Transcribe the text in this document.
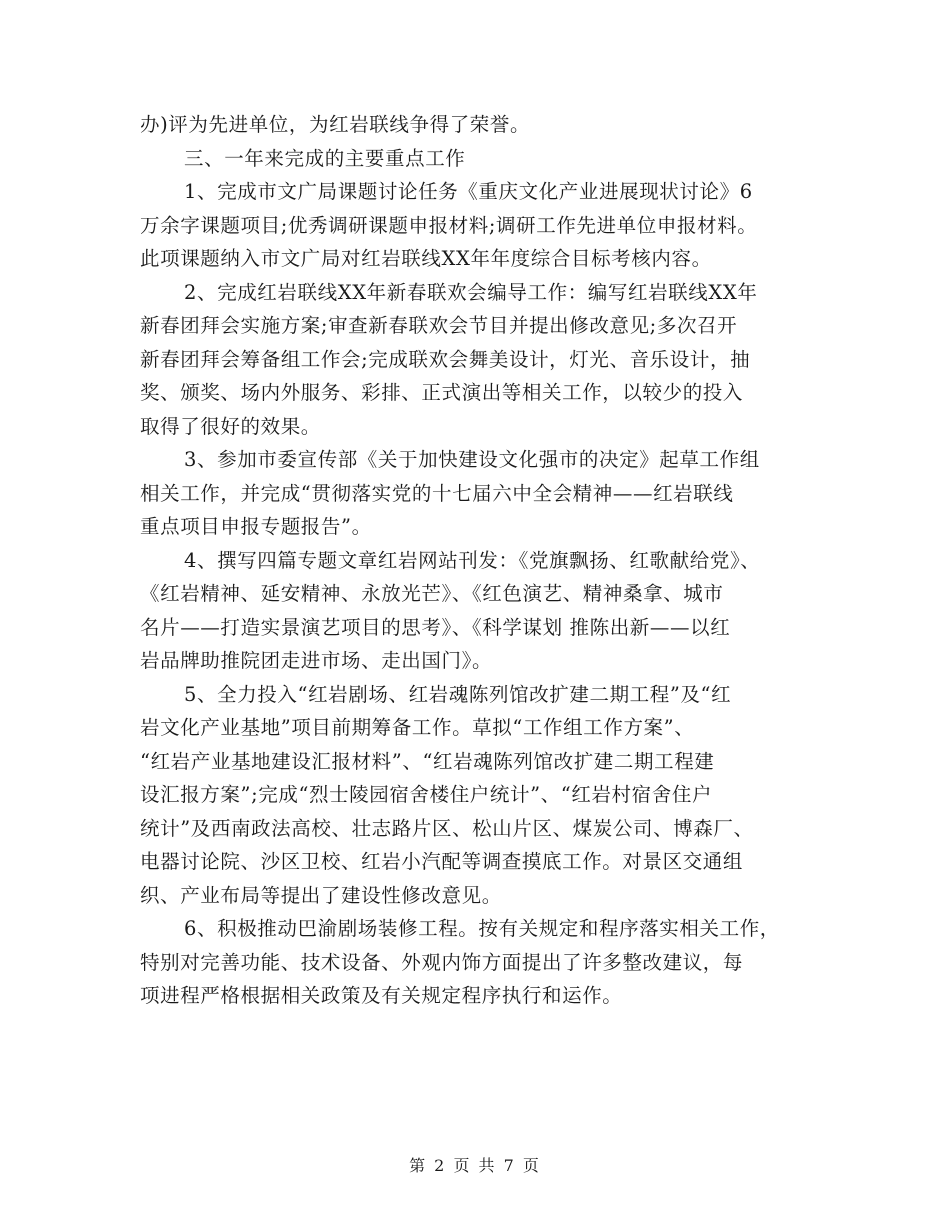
办)评为先进单位，为红岩联线争得了荣誉。
三、一年来完成的主要重点工作
1、完成市文广局课题讨论任务《重庆文化产业进展现状讨论》6
万余字课题项目;优秀调研课题申报材料;调研工作先进单位申报材料。
此项课题纳入市文广局对红岩联线XX年年度综合目标考核内容。
2、完成红岩联线XX年新春联欢会编导工作：编写红岩联线XX年
新春团拜会实施方案;审查新春联欢会节目并提出修改意见;多次召开
新春团拜会筹备组工作会;完成联欢会舞美设计，灯光、音乐设计，抽
奖、颁奖、场内外服务、彩排、正式演出等相关工作，以较少的投入
取得了很好的效果。
3、参加市委宣传部《关于加快建设文化强市的决定》起草工作组
相关工作，并完成“贯彻落实党的十七届六中全会精神——红岩联线
重点项目申报专题报告”。
4、撰写四篇专题文章红岩网站刊发：《党旗飘扬、红歌献给党》、
《红岩精神、延安精神、永放光芒》、《红色演艺、精神桑拿、城市
名片——打造实景演艺项目的思考》、《科学谋划 推陈出新——以红
岩品牌助推院团走进市场、走出国门》。
5、全力投入“红岩剧场、红岩魂陈列馆改扩建二期工程”及“红
岩文化产业基地”项目前期筹备工作。草拟“工作组工作方案”、
“红岩产业基地建设汇报材料”、“红岩魂陈列馆改扩建二期工程建
设汇报方案”;完成“烈士陵园宿舍楼住户统计”、“红岩村宿舍住户
统计”及西南政法高校、壮志路片区、松山片区、煤炭公司、博森厂、
电器讨论院、沙区卫校、红岩小汽配等调查摸底工作。对景区交通组
织、产业布局等提出了建设性修改意见。
6、积极推动巴渝剧场装修工程。按有关规定和程序落实相关工作，
特别对完善功能、技术设备、外观内饰方面提出了许多整改建议，每
项进程严格根据相关政策及有关规定程序执行和运作。
第 2 页 共 7 页
